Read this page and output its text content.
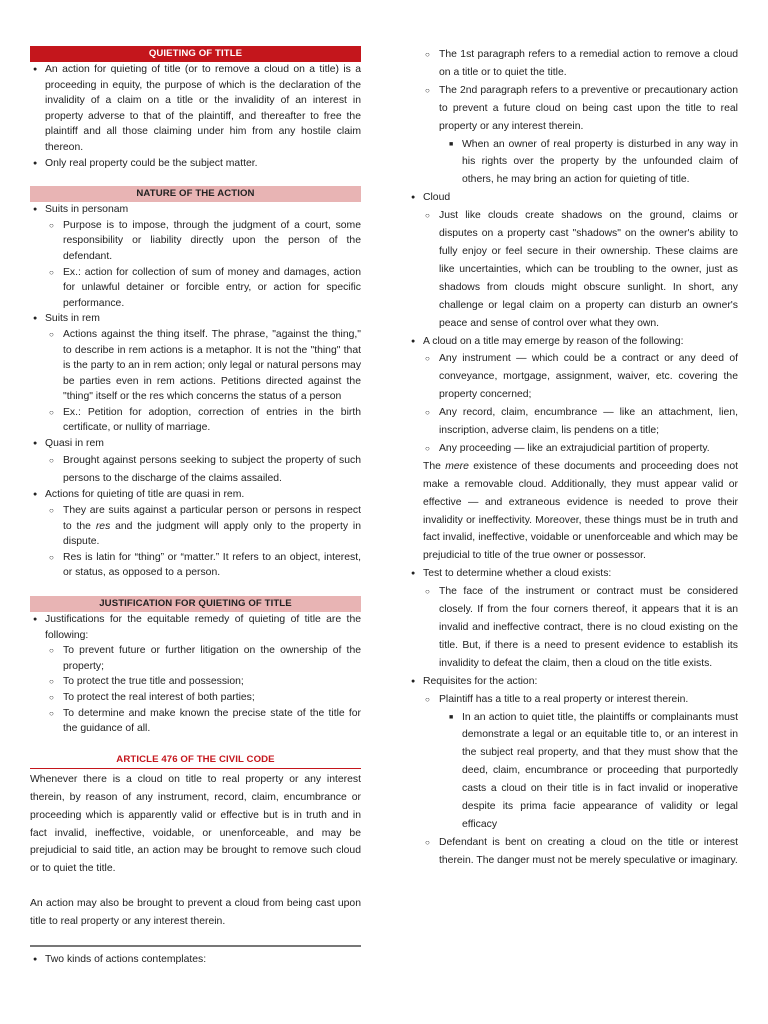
QUIETING OF TITLE
● An action for quieting of title (or to remove a cloud on a title) is a proceeding in equity, the purpose of which is the declaration of the invalidity of a claim on a title or the invalidity of an interest in property adverse to that of the plaintiff, and thereafter to free the plaintiff and all those claiming under him from any hostile claim thereon.
● Only real property could be the subject matter.
NATURE OF THE ACTION
● Suits in personam
○ Purpose is to impose, through the judgment of a court, some responsibility or liability directly upon the person of the defendant.
○ Ex.: action for collection of sum of money and damages, action for unlawful detainer or forcible entry, or action for specific performance.
● Suits in rem
○ Actions against the thing itself. The phrase, "against the thing," to describe in rem actions is a metaphor. It is not the "thing" that is the party to an in rem action; only legal or natural persons may be parties even in rem actions. Petitions directed against the "thing" itself or the res which concerns the status of a person
○ Ex.: Petition for adoption, correction of entries in the birth certificate, or nullity of marriage.
● Quasi in rem
○ Brought against persons seeking to subject the property of such persons to the discharge of the claims assailed.
● Actions for quieting of title are quasi in rem.
○ They are suits against a particular person or persons in respect to the res and the judgment will apply only to the property in dispute.
○ Res is latin for “thing” or “matter.” It refers to an object, interest, or status, as opposed to a person.
JUSTIFICATION FOR QUIETING OF TITLE
● Justifications for the equitable remedy of quieting of title are the following:
○ To prevent future or further litigation on the ownership of the property;
○ To protect the true title and possession;
○ To protect the real interest of both parties;
○ To determine and make known the precise state of the title for the guidance of all.
ARTICLE 476 OF THE CIVIL CODE

Whenever there is a cloud on title to real property or any interest therein, by reason of any instrument, record, claim, encumbrance or proceeding which is apparently valid or effective but is in truth and in fact invalid, ineffective, voidable, or unenforceable, and may be prejudicial to said title, an action may be brought to remove such cloud or to quiet the title.

An action may also be brought to prevent a cloud from being cast upon title to real property or any interest therein.

● Two kinds of actions contemplates:
○ The 1st paragraph refers to a remedial action to remove a cloud on a title or to quiet the title.
○ The 2nd paragraph refers to a preventive or precautionary action to prevent a future cloud on being cast upon the title to real property or any interest therein.
■ When an owner of real property is disturbed in any way in his rights over the property by the unfounded claim of others, he may bring an action for quieting of title.
● Cloud
○ Just like clouds create shadows on the ground, claims or disputes on a property cast "shadows" on the owner's ability to fully enjoy or feel secure in their ownership. These claims are like uncertainties, which can be troubling to the owner, just as shadows from clouds might obscure sunlight. In short, any challenge or legal claim on a property can disturb an owner's peace and sense of control over what they own.
● A cloud on a title may emerge by reason of the following:
○ Any instrument — which could be a contract or any deed of conveyance, mortgage, assignment, waiver, etc. covering the property concerned;
○ Any record, claim, encumbrance — like an attachment, lien, inscription, adverse claim, lis pendens on a title;
○ Any proceeding — like an extrajudicial partition of property.

The mere existence of these documents and proceeding does not make a removable cloud. Additionally, they must appear valid or effective — and extraneous evidence is needed to prove their invalidity or ineffectivity. Moreover, these things must be in truth and fact invalid, ineffective, voidable or unenforceable and which may be prejudicial to title of the true owner or possessor.

● Test to determine whether a cloud exists:
○ The face of the instrument or contract must be considered closely. If from the four corners thereof, it appears that it is an invalid and ineffective contract, there is no cloud existing on the title. But, if there is a need to present evidence to establish its invalidity to defeat the claim, then a cloud on the title exists.
● Requisites for the action:
○ Plaintiff has a title to a real property or interest therein.
■ In an action to quiet title, the plaintiffs or complainants must demonstrate a legal or an equitable title to, or an interest in the subject real property, and that they must show that the deed, claim, encumbrance or proceeding that purportedly casts a cloud on their title is in fact invalid or inoperative despite its prima facie appearance of validity or legal efficacy
○ Defendant is bent on creating a cloud on the title or interest therein. The danger must not be merely speculative or imaginary.
